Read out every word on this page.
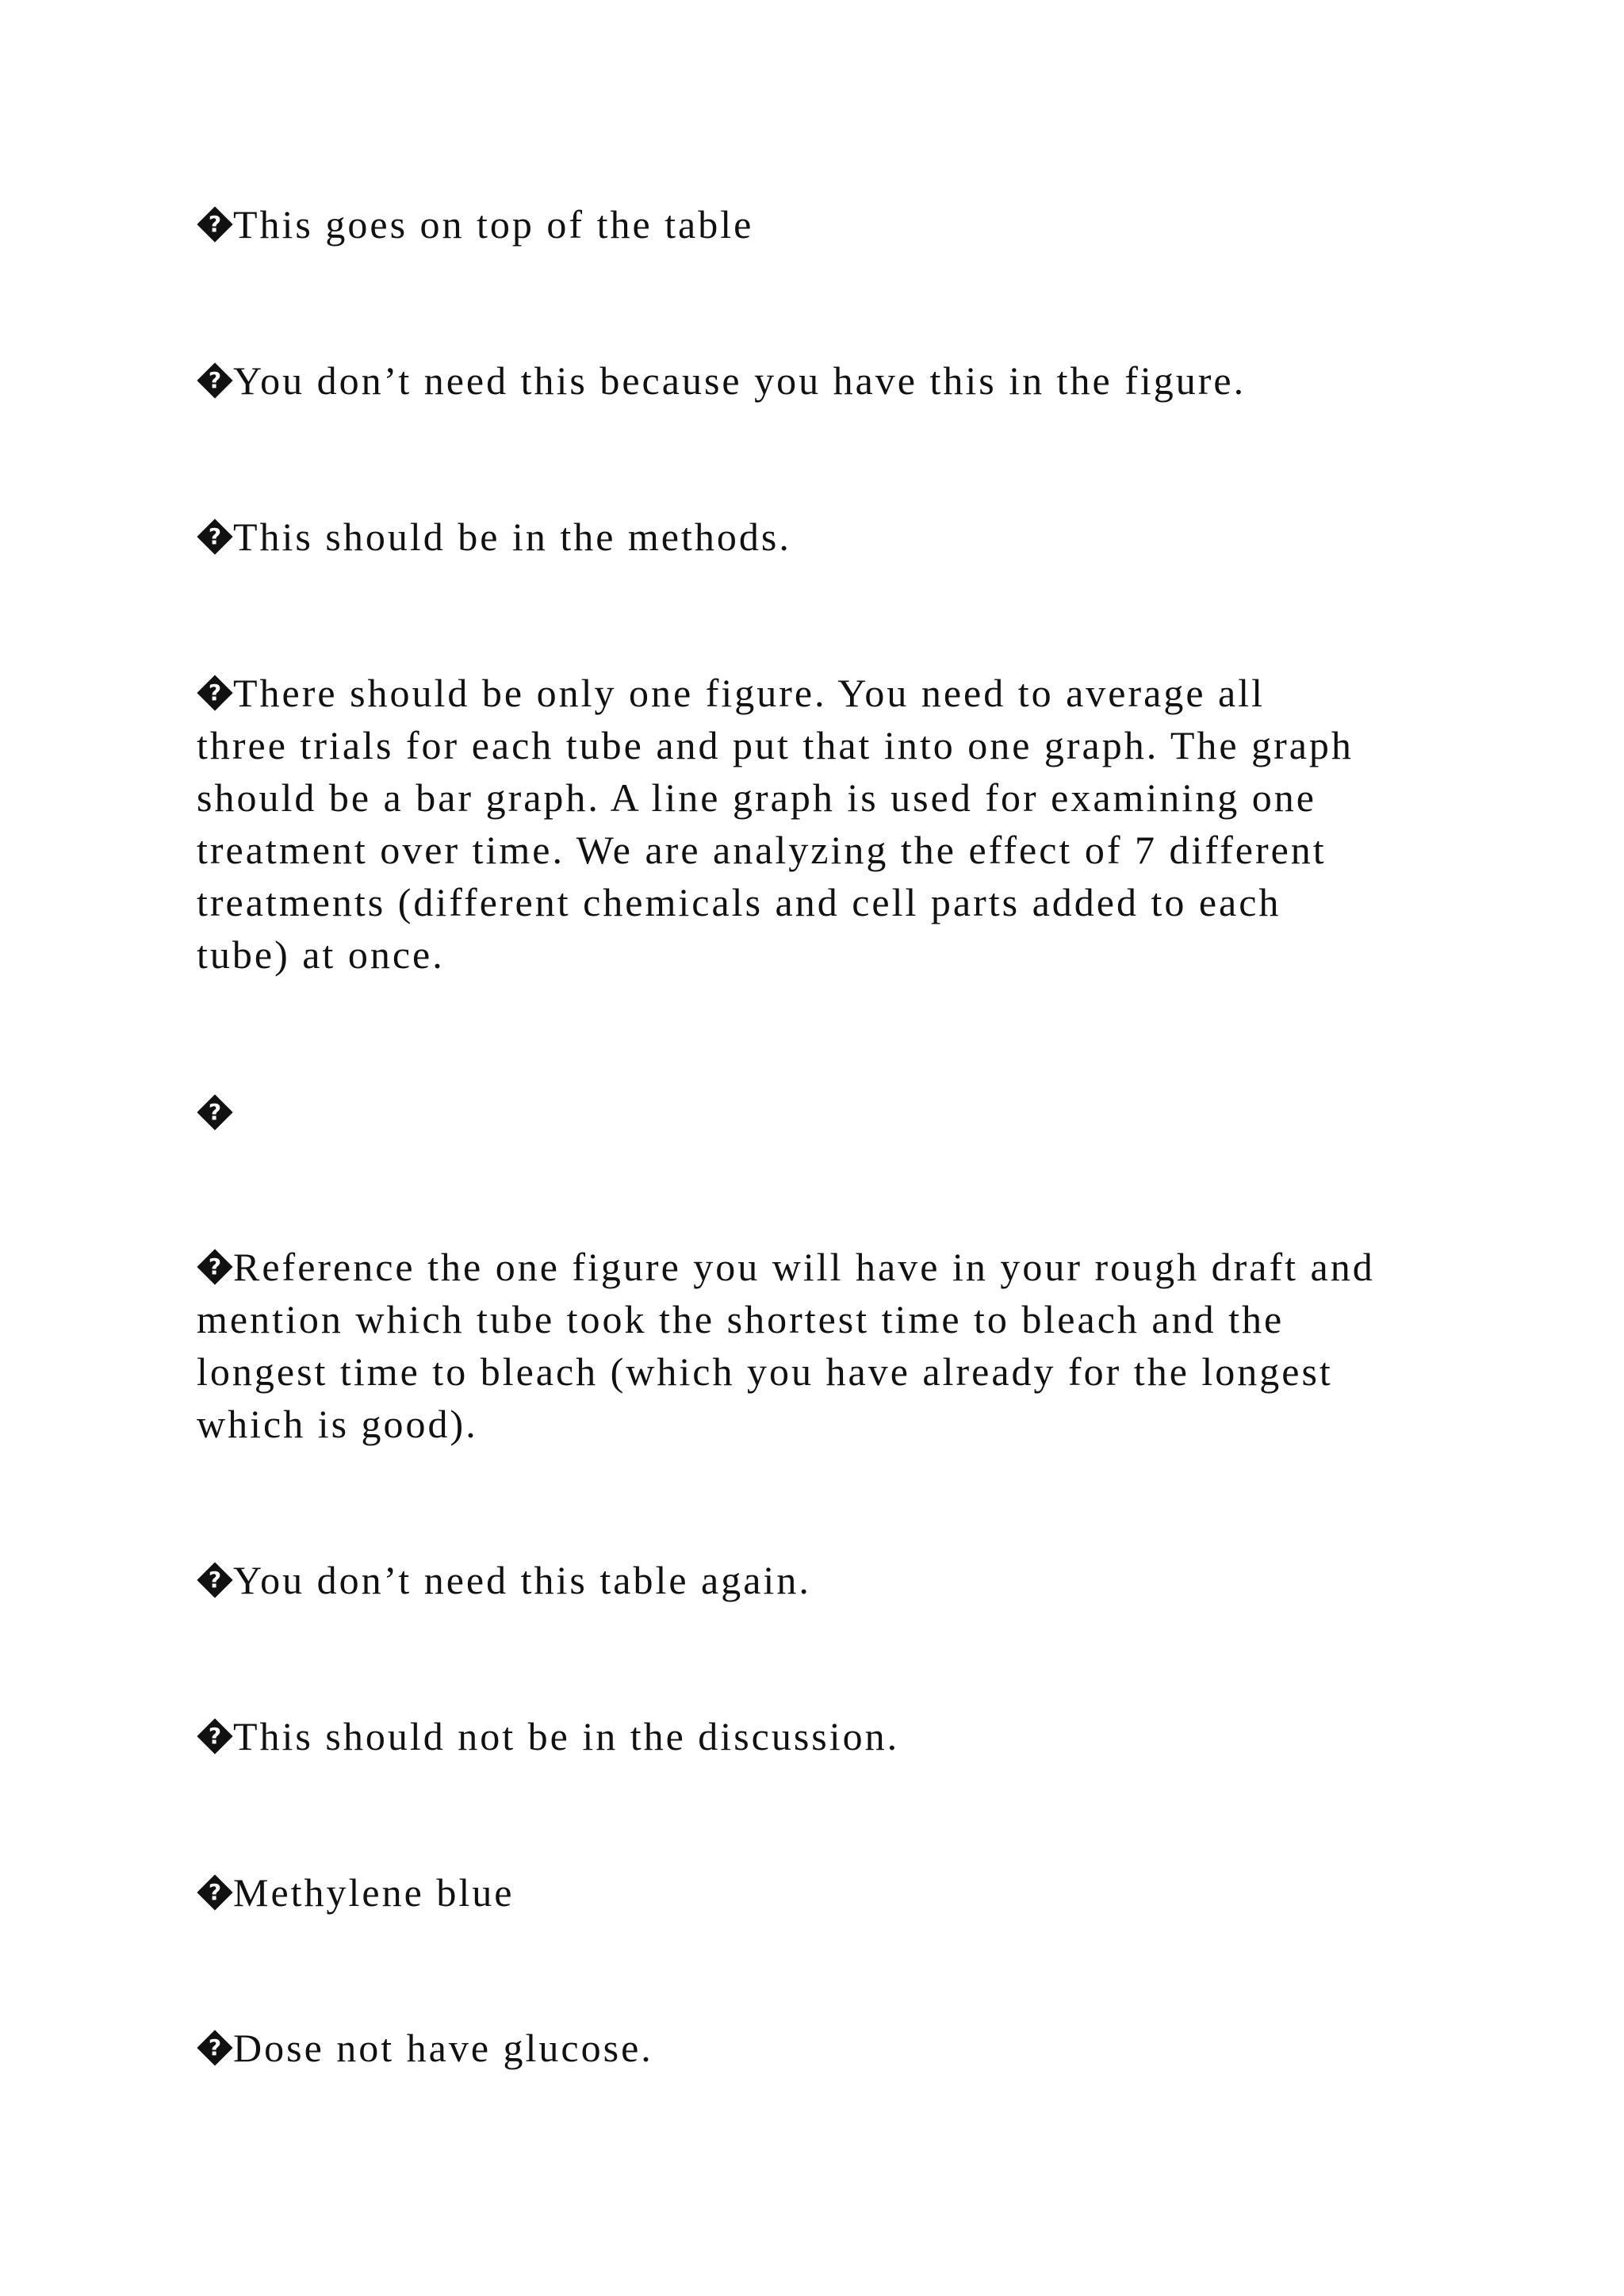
? This goes on top of the table

? You don’t need this because you have this in the figure.

? This should be in the methods.

? There should be only one figure. You need to average all
three trials for each tube and put that into one graph. The graph
should be a bar graph. A line graph is used for examining one
treatment over time. We are analyzing the effect of 7 different
treatments (different chemicals and cell parts added to each
tube) at once.

?

? Reference the one figure you will have in your rough draft and
mention which tube took the shortest time to bleach and the
longest time to bleach (which you have already for the longest
which is good).

? You don’t need this table again.

? This should not be in the discussion.

? Methylene blue

? Dose not have glucose.
